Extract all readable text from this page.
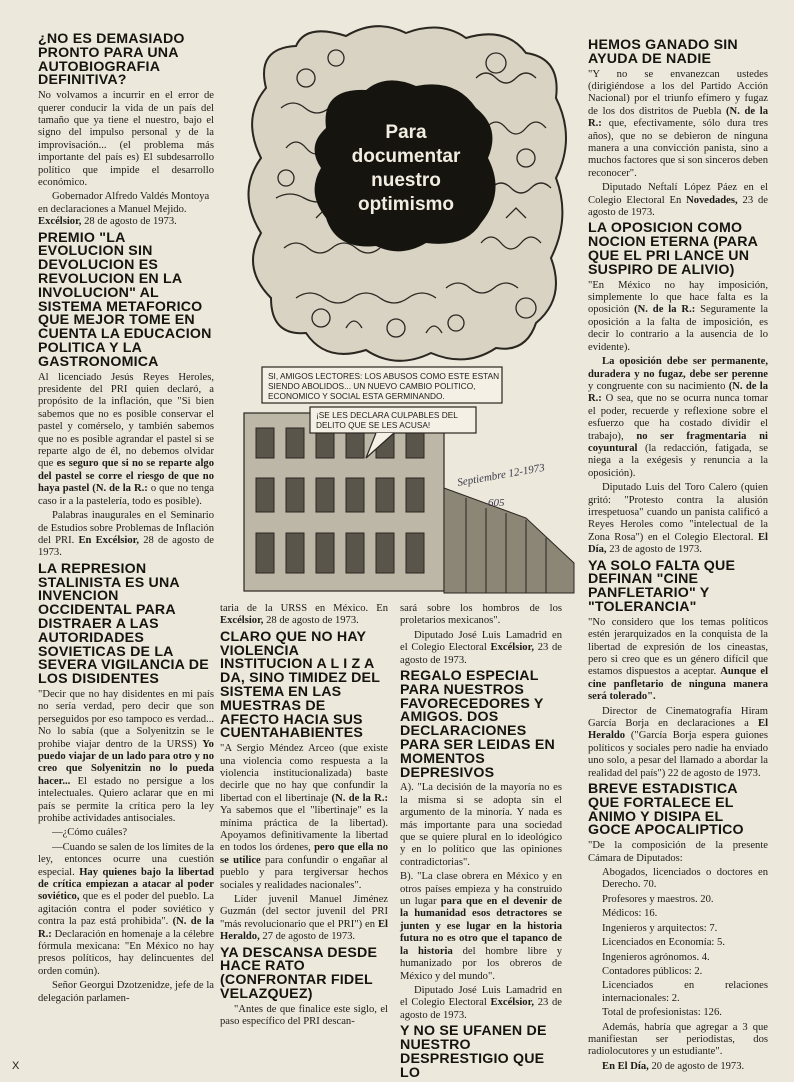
Para
documentar
nuestro
optimismo
SI, AMIGOS LECTORES: LOS ABUSOS COMO ESTE ESTAN
SIENDO ABOLIDOS... UN NUEVO CAMBIO POLITICO,
ECONOMICO Y SOCIAL ESTA GERMINANDO.
¡SE LES DECLARA CULPABLES DEL
DELITO QUE SE LES ACUSA!
Septiembre 12-1973
605
¿NO ES DEMASIADO PRONTO PARA UNA AUTOBIOGRAFIA DEFINITIVA?

No volvamos a incurrir en el error de querer conducir la vida de un país del tamaño que ya tiene el nuestro, bajo el signo del impulso personal y de la improvisación... (el problema más importante del país es) El subdesarrollo político que impide el desarrollo económico.

Gobernador Alfredo Valdés Montoya en declaraciones a Manuel Mejido. Excélsior, 28 de agosto de 1973.

PREMIO "LA EVOLUCION SIN DEVOLUCION ES REVOLUCION EN LA INVOLUCION" AL SISTEMA METAFORICO QUE MEJOR TOME EN CUENTA LA EDUCACION POLITICA Y LA GASTRONOMICA

Al licenciado Jesús Reyes Heroles, presidente del PRI quien declaró, a propósito de la inflación, que "Si bien sabemos que no es posible conservar el pastel y comérselo, y también sabemos que no es posible agrandar el pastel si se reparte algo de él, no debemos olvidar que es seguro que si no se reparte algo del pastel se corre el riesgo de que no haya pastel (N. de la R.: o que no tenga caso ir a la pastelería, todo es posible).

Palabras inaugurales en el Seminario de Estudios sobre Problemas de Inflación del PRI. En Excélsior, 28 de agosto de 1973.

LA REPRESION STALINISTA ES UNA INVENCION OCCIDENTAL PARA DISTRAER A LAS AUTORIDADES SOVIETICAS DE LA SEVERA VIGILANCIA DE LOS DISIDENTES

"Decir que no hay disidentes en mi país no sería verdad, pero decir que son perseguidos por eso tampoco es verdad... No lo sabía (que a Solyenitzin se le prohibe viajar dentro de la URSS) Yo puedo viajar de un lado para otro y no creo que Solyenitzin no lo pueda hacer... El estado no persigue a los intelectuales. Quiero aclarar que en mi país se permite la crítica pero la ley prohibe actividades antisociales.

—¿Cómo cuáles?

—Cuando se salen de los límites de la ley, entonces ocurre una cuestión especial. Hay quienes bajo la libertad de crítica empiezan a atacar al poder soviético, que es el poder del pueblo. La agitación contra el poder soviético y contra la paz está prohibida". (N. de la R.: Declaración en homenaje a la célebre fórmula mexicana: "En México no hay presos políticos, hay delincuentes del orden común).

Señor Georgui Dzotzenidze, jefe de la delegación parlamen-

taria de la URSS en México. En Excélsior, 28 de agosto de 1973.

CLARO QUE NO HAY VIOLENCIA INSTITUCION A L I Z A DA, SINO TIMIDEZ DEL SISTEMA EN LAS MUESTRAS DE AFECTO HACIA SUS CUENTAHABIENTES

"A Sergio Méndez Arceo (que existe una violencia como respuesta a la violencia institucionalizada) baste decirle que no hay que confundir la libertad con el libertinaje (N. de la R.: Ya sabemos que el "libertinaje" es la mínima práctica de la libertad). Apoyamos definitivamente la libertad en todos los órdenes, pero que ella no se utilice para confundir o engañar al pueblo y para tergiversar hechos sociales y realidades nacionales".

Líder juvenil Manuel Jiménez Guzmán (del sector juvenil del PRI "más revolucionario que el PRI") en El Heraldo, 27 de agosto de 1973.

YA DESCANSA DESDE HACE RATO (CONFRONTAR FIDEL VELAZQUEZ)

"Antes de que finalice este siglo, el paso específico del PRI descan-

sará sobre los hombros de los proletarios mexicanos".

Diputado José Luis Lamadrid en el Colegio Electoral Excélsior, 23 de agosto de 1973.

REGALO ESPECIAL PARA NUESTROS FAVORECEDORES Y AMIGOS. DOS DECLARACIONES PARA SER LEIDAS EN MOMENTOS DEPRESIVOS

A). "La decisión de la mayoría no es la misma si se adopta sin el argumento de la minoría. Y nada es más importante para una sociedad que se quiere plural en lo ideológico y en lo político que las opiniones contradictorias".

B). "La clase obrera en México y en otros países empieza y ha construido un lugar para que en el devenir de la humanidad esos detractores se junten y ese lugar en la historia futura no es otro que el tapanco de la historia del hombre libre y humanizado por los obreros de México y del mundo".

Diputado José Luis Lamadrid en el Colegio Electoral Excélsior, 23 de agosto de 1973.

Y NO SE UFANEN DE NUESTRO DESPRESTIGIO QUE LO
HEMOS GANADO SIN AYUDA DE NADIE

"Y no se envanezcan ustedes (dirigiéndose a los del Partido Acción Nacional) por el triunfo efímero y fugaz de los dos distritos de Puebla (N. de la R.: que, efectivamente, sólo dura tres años), que no se debieron de ninguna manera a una convicción panista, sino a muchos factores que si son sinceros deben reconocer".

Diputado Neftalí López Páez en el Colegio Electoral En Novedades, 23 de agosto de 1973.

LA OPOSICION COMO NOCION ETERNA (PARA QUE EL PRI LANCE UN SUSPIRO DE ALIVIO)

"En México no hay imposición, simplemente lo que hace falta es la oposición (N. de la R.: Seguramente la oposición a la falta de imposición, es decir lo contrario a la ausencia de lo evidente).

La oposición debe ser permanente, duradera y no fugaz, debe ser perenne y congruente con su nacimiento (N. de la R.: O sea, que no se ocurra nunca tomar el poder, recuerde y reflexione sobre el esfuerzo que ha costado dividir el trabajo), no ser fragmentaria ni coyuntural (la redacción, fatigada, se niega a la exégesis y renuncia a la oposición).

Diputado Luis del Toro Calero (quien gritó: "Protesto contra la alusión irrespetuosa" cuando un panista calificó a Reyes Heroles como "intelectual de la Zona Rosa") en el Colegio Electoral. El Día, 23 de agosto de 1973.

YA SOLO FALTA QUE DEFINAN "CINE PANFLETARIO" Y "TOLERANCIA"

"No considero que los temas políticos estén jerarquizados en la conquista de la libertad de expresión de los cineastas, pero si creo que es un género difícil que estamos dispuestos a aceptar. Aunque el cine panfletario de ninguna manera será tolerado".

Director de Cinematografía Hiram García Borja en declaraciones a El Heraldo ("García Borja espera guiones políticos y sociales pero nadie ha enviado uno solo, a pesar del llamado a abordar la realidad del país") 22 de agosto de 1973.

BREVE ESTADISTICA QUE FORTALECE EL ANIMO Y DISIPA EL GOCE APOCALIPTICO

"De la composición de la presente Cámara de Diputados:

Abogados, licenciados o doctores en Derecho. 70.

Profesores y maestros. 20.

Médicos: 16.

Ingenieros y arquitectos: 7.

Licenciados en Economía: 5.

Ingenieros agrónomos. 4.

Contadores públicos: 2.

Licenciados en relaciones internacionales: 2.

Total de profesionistas: 126.

Además, habría que agregar a 3 que manifiestan ser periodistas, dos radiolocutores y un estudiante".

En El Día, 20 de agosto de 1973.

X
